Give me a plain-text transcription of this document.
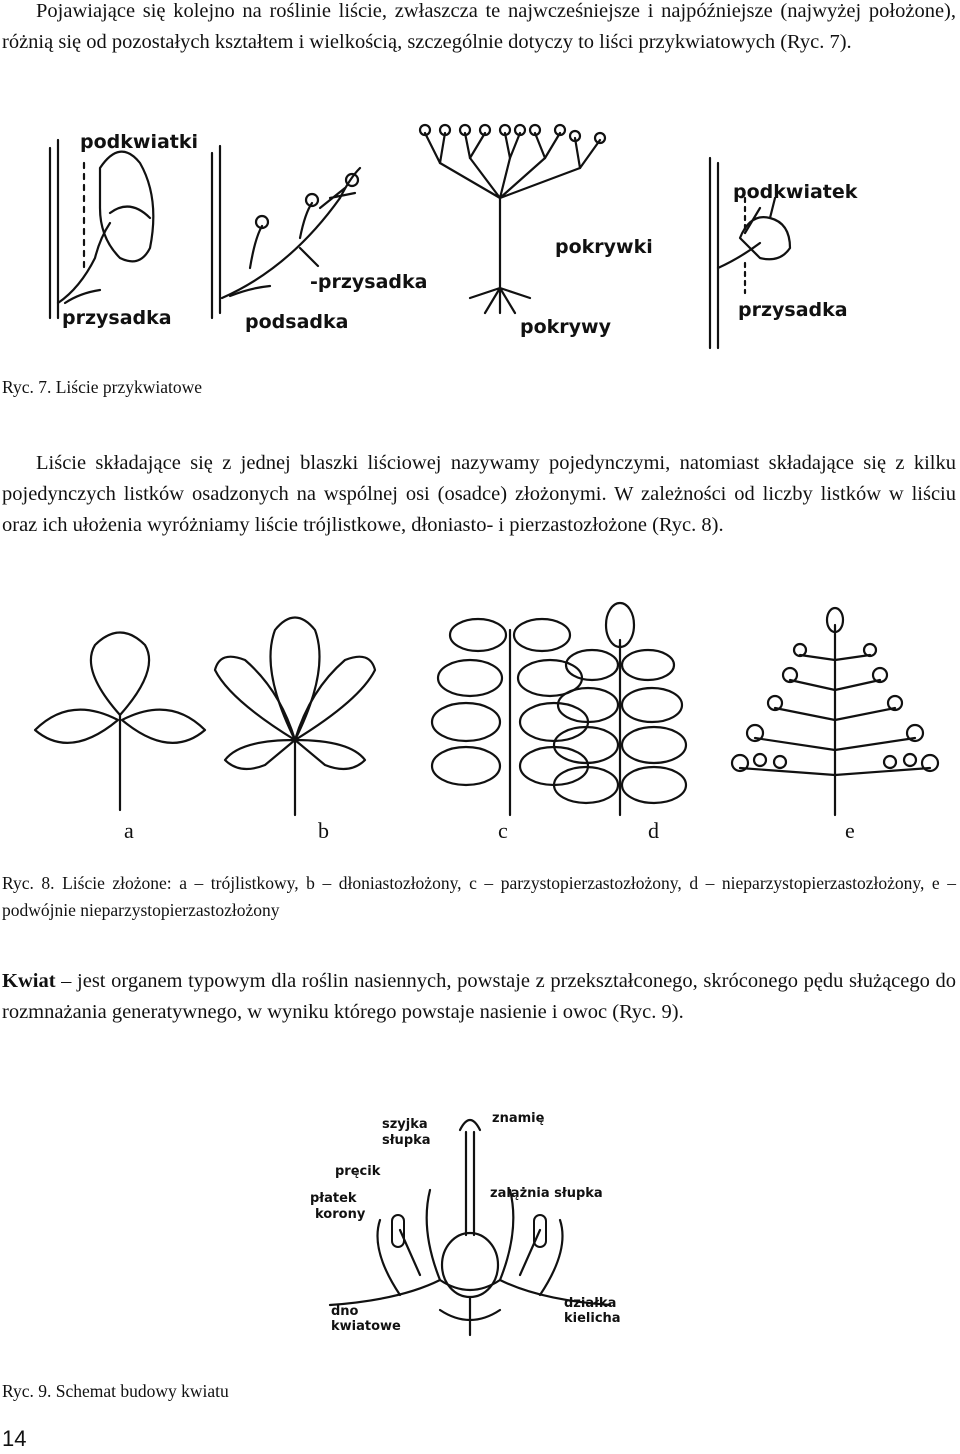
Pojawiające się kolejno na roślinie liście, zwłaszcza te najwcześniejsze i najpóźniejsze (najwyżej położone), różnią się od pozostałych kształtem i wielkością, szczególnie dotyczy to liści przykwiatowych (Ryc. 7).
podkwiatki
przysadka
-przysadka
podsadka
pokrywki
pokrywy
podkwiatek
przysadka
Ryc. 7. Liście przykwiatowe
Liście składające się z jednej blaszki liściowej nazywamy pojedynczymi, natomiast składające się z kilku pojedynczych listków osadzonych na wspólnej osi (osadce) złożonymi. W zależności od liczby listków w liściu oraz ich ułożenia wyróżniamy liście trójlistkowe, dłoniasto- i pierzastozłożone (Ryc. 8).
a	b	c	d	e
Ryc. 8. Liście złożone: a – trójlistkowy, b – dłoniastozłożony, c – parzystopierzastozłożony, d – nieparzystopierzastozłożony, e – podwójnie nieparzystopierzastozłożony
Kwiat – jest organem typowym dla roślin nasiennych, powstaje z przekształconego, skróconego pędu służącego do rozmnażania generatywnego, w wyniku którego powstaje nasienie i owoc (Ryc. 9).
szyjka
słupka
znamię
pręcik
płatek
korony
zalążnia słupka
dno
kwiatowe
działka
kielicha
Ryc. 9. Schemat budowy kwiatu
14
